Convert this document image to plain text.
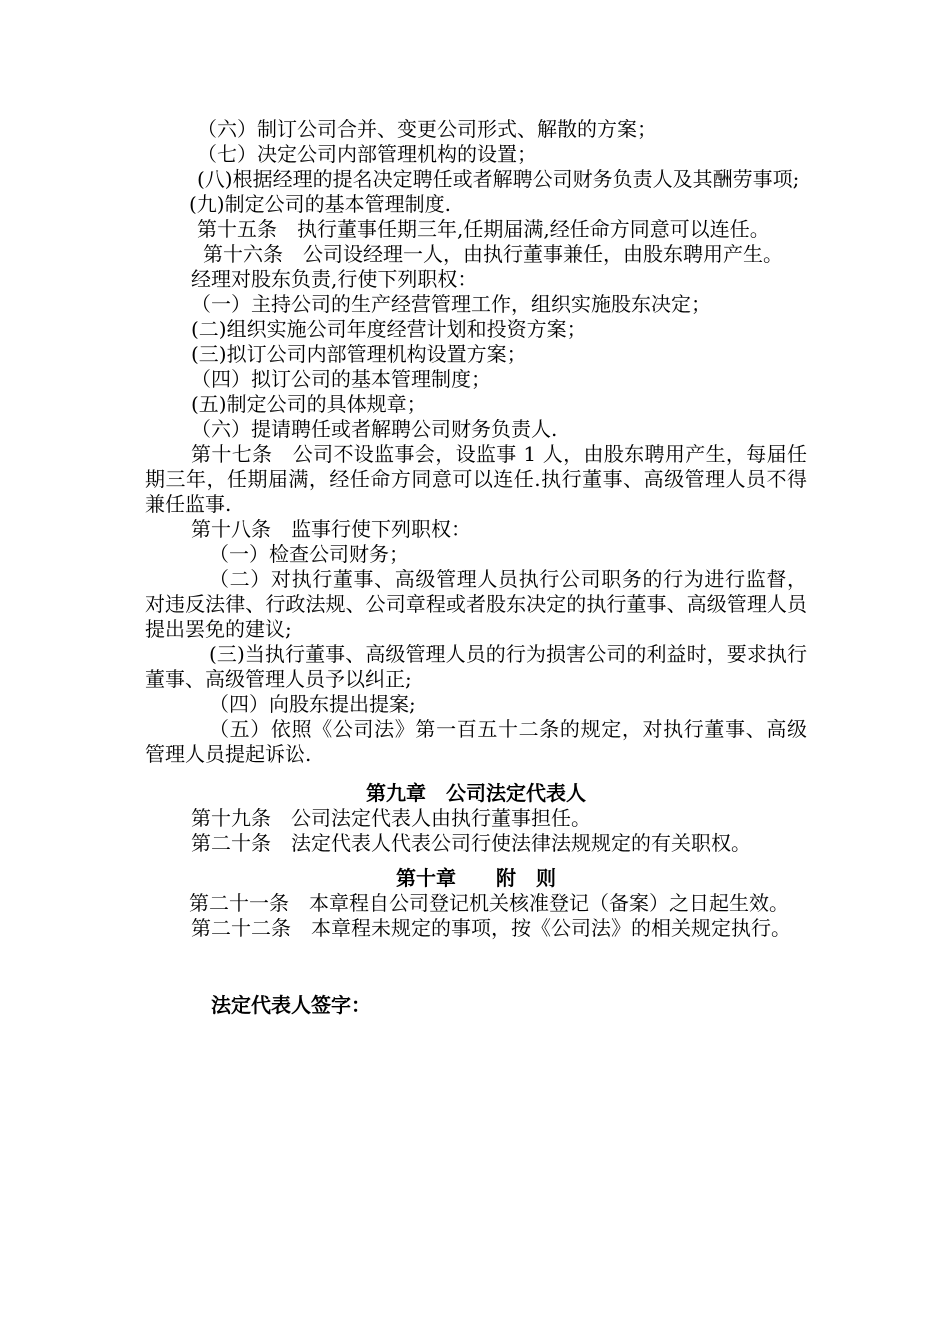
（六）制订公司合并、变更公司形式、解散的方案；

（七）决定公司内部管理机构的设置；

(八)根据经理的提名决定聘任或者解聘公司财务负责人及其酬劳事项;

(九)制定公司的基本管理制度.

第十五条　执行董事任期三年,任期届满,经任命方同意可以连任。

第十六条　公司设经理一人，由执行董事兼任，由股东聘用产生。

经理对股东负责,行使下列职权：

（一）主持公司的生产经营管理工作，组织实施股东决定；

(二)组织实施公司年度经营计划和投资方案；

(三)拟订公司内部管理机构设置方案；

（四）拟订公司的基本管理制度；

(五)制定公司的具体规章；

（六）提请聘任或者解聘公司财务负责人.

第十七条　公司不设监事会，设监事 1 人，由股东聘用产生，每届任期三年，任期届满，经任命方同意可以连任.执行董事、高级管理人员不得兼任监事.

第十八条　监事行使下列职权：

（一）检查公司财务；

（二）对执行董事、高级管理人员执行公司职务的行为进行监督，对违反法律、行政法规、公司章程或者股东决定的执行董事、高级管理人员提出罢免的建议;

(三)当执行董事、高级管理人员的行为损害公司的利益时，要求执行董事、高级管理人员予以纠正;

（四）向股东提出提案;

（五）依照《公司法》第一百五十二条的规定，对执行董事、高级管理人员提起诉讼.

第九章　公司法定代表人

第十九条　公司法定代表人由执行董事担任。

第二十条　法定代表人代表公司行使法律法规规定的有关职权。

第十章　　附　则

第二十一条　本章程自公司登记机关核准登记（备案）之日起生效。

第二十二条　本章程未规定的事项，按《公司法》的相关规定执行。

法定代表人签字：
